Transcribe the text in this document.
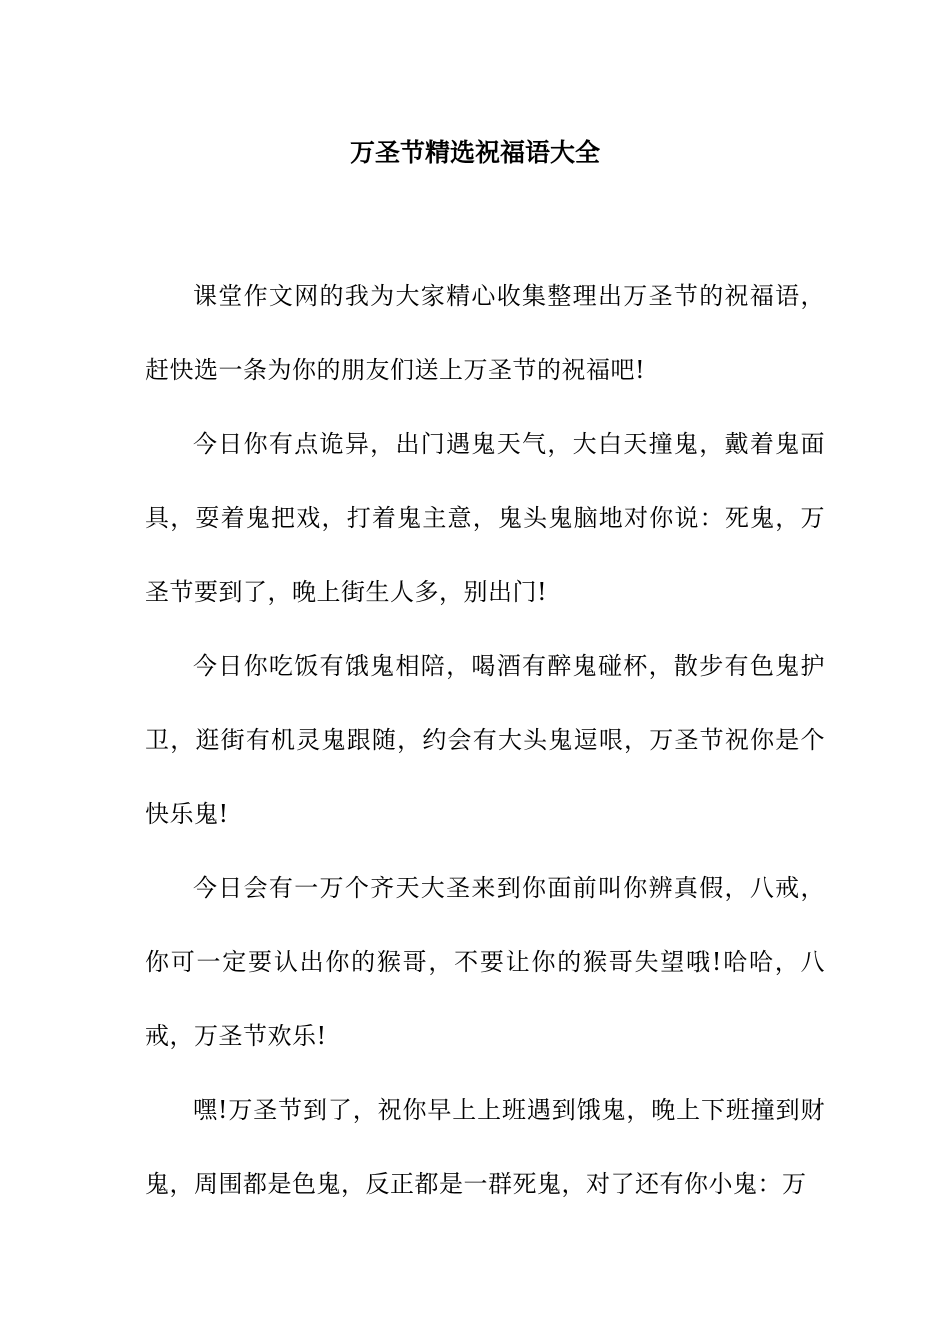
万圣节精选祝福语大全

课堂作文网的我为大家精心收集整理出万圣节的祝福语，赶快选一条为你的朋友们送上万圣节的祝福吧!

今日你有点诡异，出门遇鬼天气，大白天撞鬼，戴着鬼面具，耍着鬼把戏，打着鬼主意，鬼头鬼脑地对你说：死鬼，万圣节要到了，晚上街生人多，别出门!

今日你吃饭有饿鬼相陪，喝酒有醉鬼碰杯，散步有色鬼护卫，逛街有机灵鬼跟随，约会有大头鬼逗哏，万圣节祝你是个快乐鬼!

今日会有一万个齐天大圣来到你面前叫你辨真假，八戒，你可一定要认出你的猴哥，不要让你的猴哥失望哦!哈哈，八戒，万圣节欢乐!

嘿!万圣节到了，祝你早上上班遇到饿鬼，晚上下班撞到财鬼，周围都是色鬼，反正都是一群死鬼，对了还有你小鬼：万
